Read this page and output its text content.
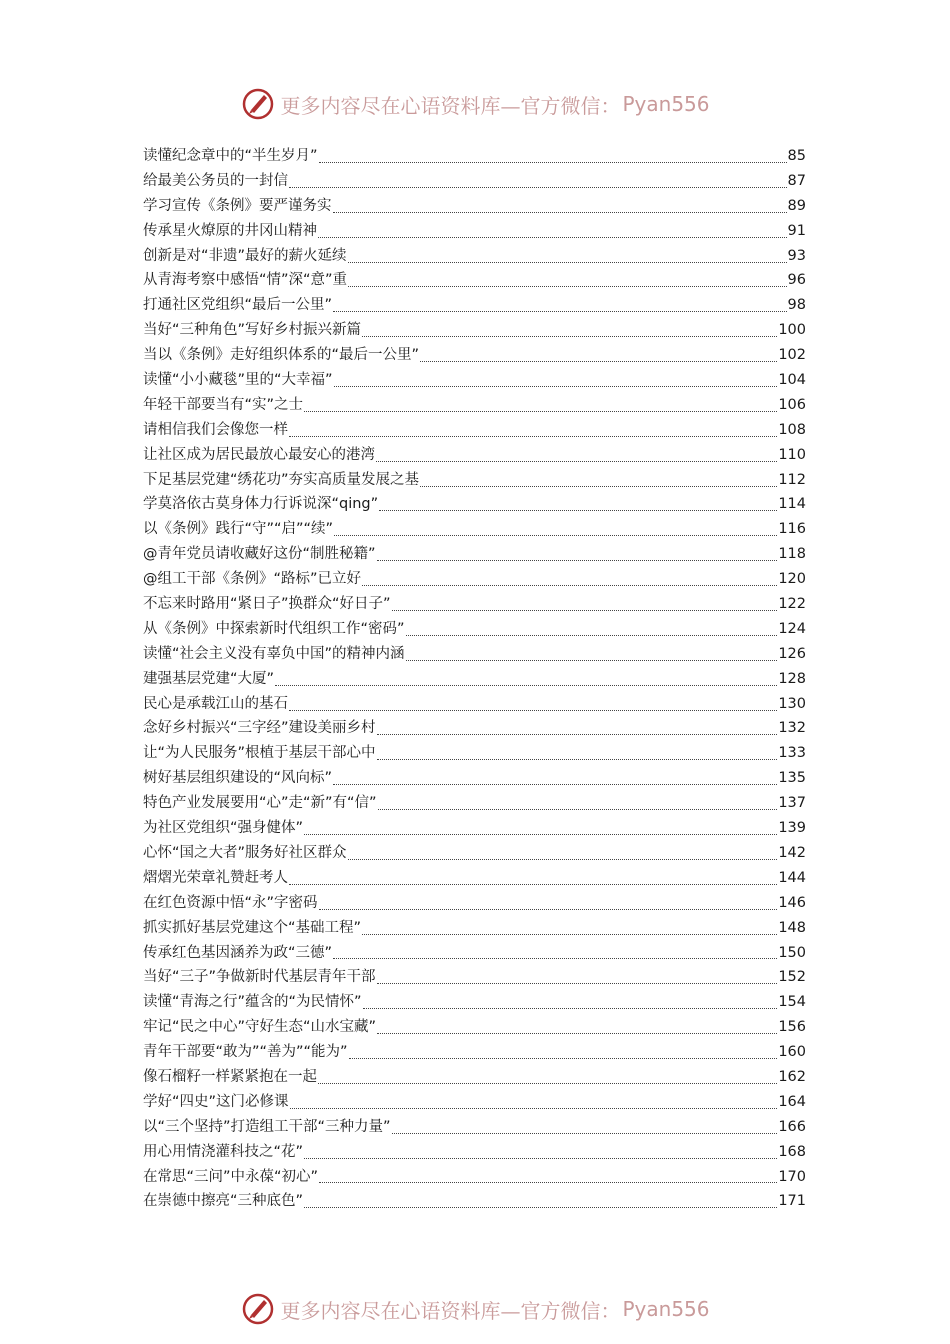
更多内容尽在心语资料库—官方微信： Pyan556
读懂纪念章中的“半生岁月”	85
给最美公务员的一封信	87
学习宣传《条例》要严谨务实	89
传承星火燎原的井冈山精神	91
创新是对“非遗”最好的薪火延续	93
从青海考察中感悟“情”深“意”重	96
打通社区党组织“最后一公里”	98
当好“三种角色”写好乡村振兴新篇	100
当以《条例》走好组织体系的“最后一公里”	102
读懂“小小藏毯”里的“大幸福”	104
年轻干部要当有“实”之士	106
请相信我们会像您一样	108
让社区成为居民最放心最安心的港湾	110
下足基层党建“绣花功”夯实高质量发展之基	112
学莫洛依古莫身体力行诉说深“qing”	114
以《条例》践行“守”“启”“续”	116
@青年党员请收藏好这份“制胜秘籍”	118
@组工干部《条例》“路标”已立好	120
不忘来时路用“紧日子”换群众“好日子”	122
从《条例》中探索新时代组织工作“密码”	124
读懂“社会主义没有辜负中国”的精神内涵	126
建强基层党建“大厦”	128
民心是承载江山的基石	130
念好乡村振兴“三字经”建设美丽乡村	132
让“为人民服务”根植于基层干部心中	133
树好基层组织建设的“风向标”	135
特色产业发展要用“心”走“新”有“信”	137
为社区党组织“强身健体”	139
心怀“国之大者”服务好社区群众	142
熠熠光荣章礼赞赶考人	144
在红色资源中悟“永”字密码	146
抓实抓好基层党建这个“基础工程”	148
传承红色基因涵养为政“三德”	150
当好“三子”争做新时代基层青年干部	152
读懂“青海之行”蕴含的“为民情怀”	154
牢记“民之中心”守好生态“山水宝藏”	156
青年干部要“敢为”“善为”“能为”	160
像石榴籽一样紧紧抱在一起	162
学好“四史”这门必修课	164
以“三个坚持”打造组工干部“三种力量”	166
用心用情浇灌科技之“花”	168
在常思“三问”中永葆“初心”	170
在崇德中擦亮“三种底色”	171
更多内容尽在心语资料库—官方微信： Pyan556
